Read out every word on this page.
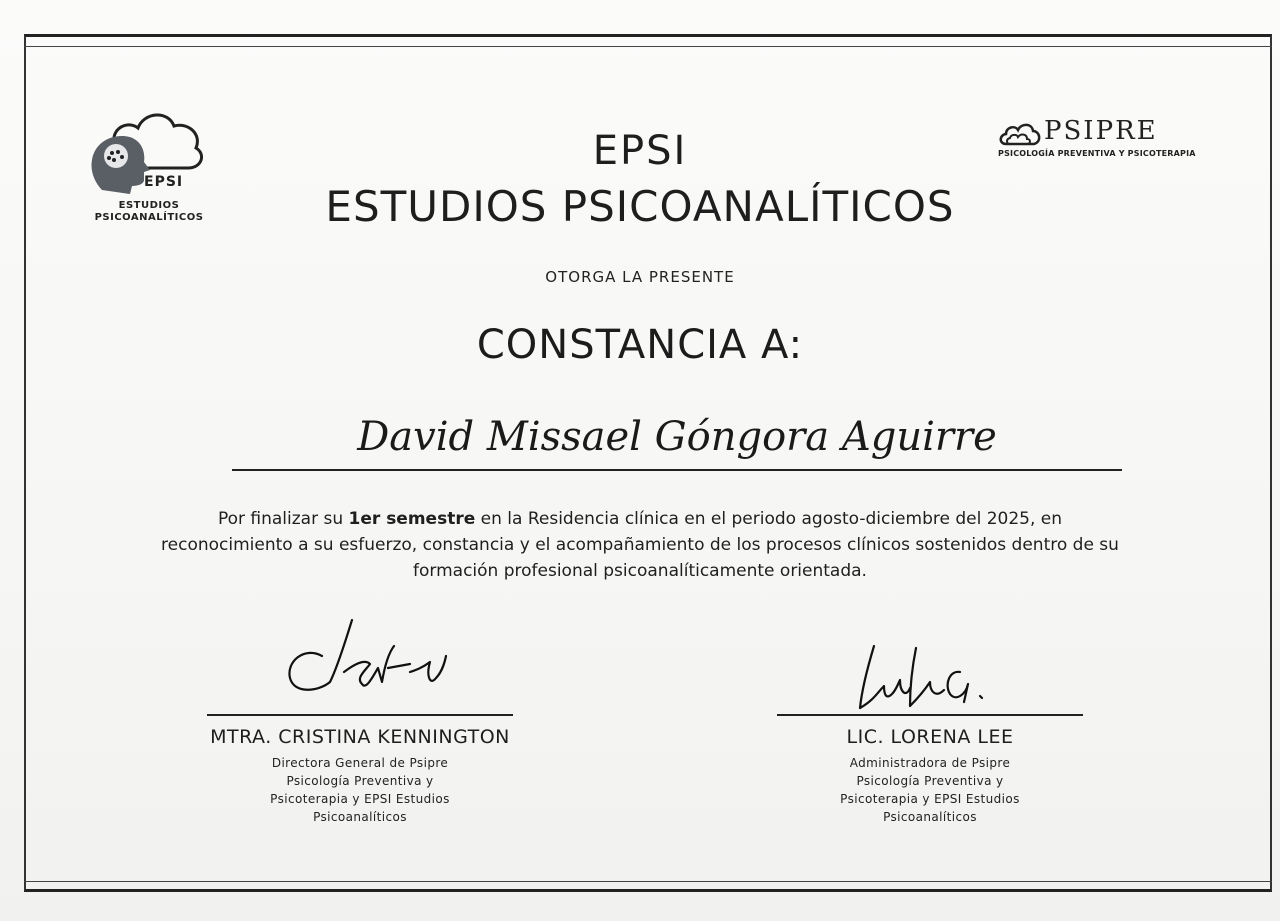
EPSI
ESTUDIOS
PSICOANALÍTICOS
PSIPRE
PSICOLOGÍA PREVENTIVA Y PSICOTERAPIA
EPSI
ESTUDIOS PSICOANALÍTICOS
OTORGA LA PRESENTE
CONSTANCIA A:
David Missael Góngora Aguirre
Por finalizar su 1er semestre en la Residencia clínica en el periodo agosto-diciembre del 2025, en reconocimiento a su esfuerzo, constancia y el acompañamiento de los procesos clínicos sostenidos dentro de su formación profesional psicoanalíticamente orientada.
MTRA. CRISTINA KENNINGTON
Directora General de Psipre
Psicología Preventiva y
Psicoterapia y EPSI Estudios
Psicoanalíticos
LIC. LORENA LEE
Administradora de Psipre
Psicología Preventiva y
Psicoterapia y EPSI Estudios
Psicoanalíticos
